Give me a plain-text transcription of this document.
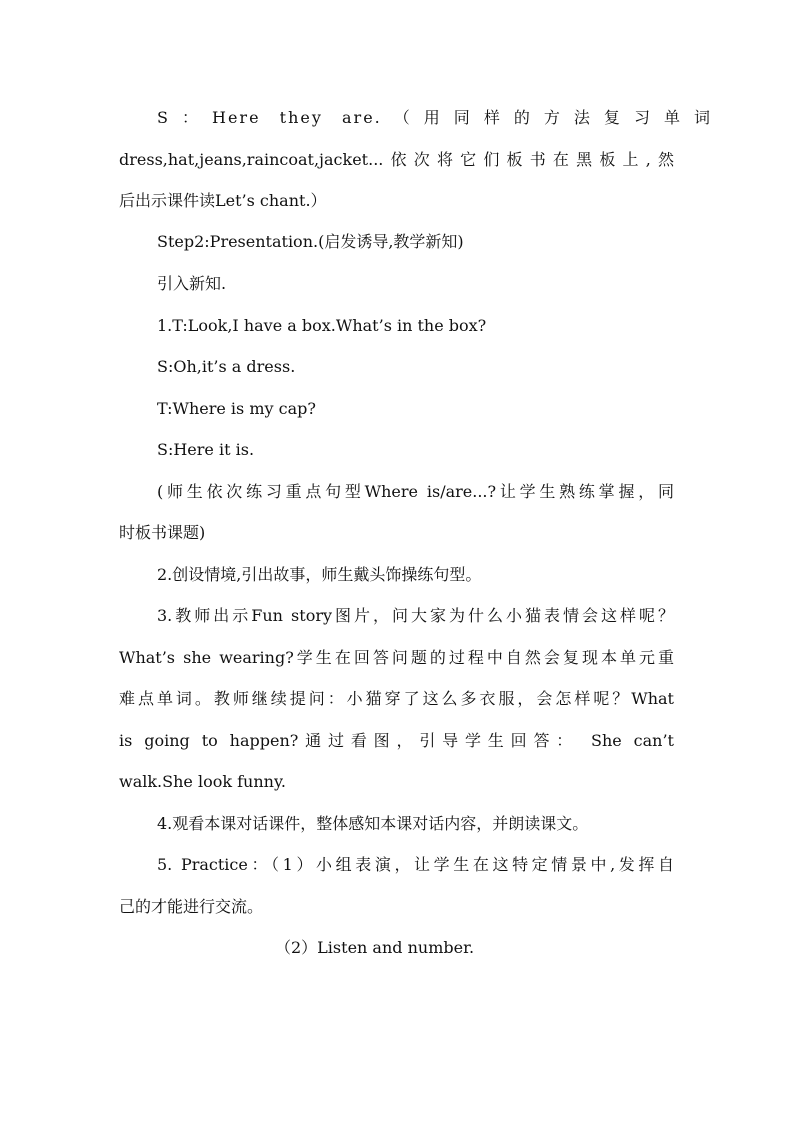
S：Here they are.（用同样的方法复习单词
dress,hat,jeans,raincoat,jacket...依次将它们板书在黑板上,然
后出示课件读Let’s chant.）
Step2:Presentation.(启发诱导,教学新知)
引入新知.
1.T:Look,I have a box.What’s in the box?
S:Oh,it’s a dress.
T:Where is my cap?
S:Here it is.
(师生依次练习重点句型Where is/are...?让学生熟练掌握，同
时板书课题)
2.创设情境,引出故事，师生戴头饰操练句型。
3.教师出示Fun story图片，问大家为什么小猫表情会这样呢？
What’s she wearing?学生在回答问题的过程中自然会复现本单元重
难点单词。教师继续提问：小猫穿了这么多衣服，会怎样呢？What
is going to happen?通过看图，引导学生回答： She can’t
walk.She look funny.
4.观看本课对话课件，整体感知本课对话内容，并朗读课文。
5. Practice：（1）小组表演，让学生在这特定情景中,发挥自
己的才能进行交流。
（2）Listen and number.
